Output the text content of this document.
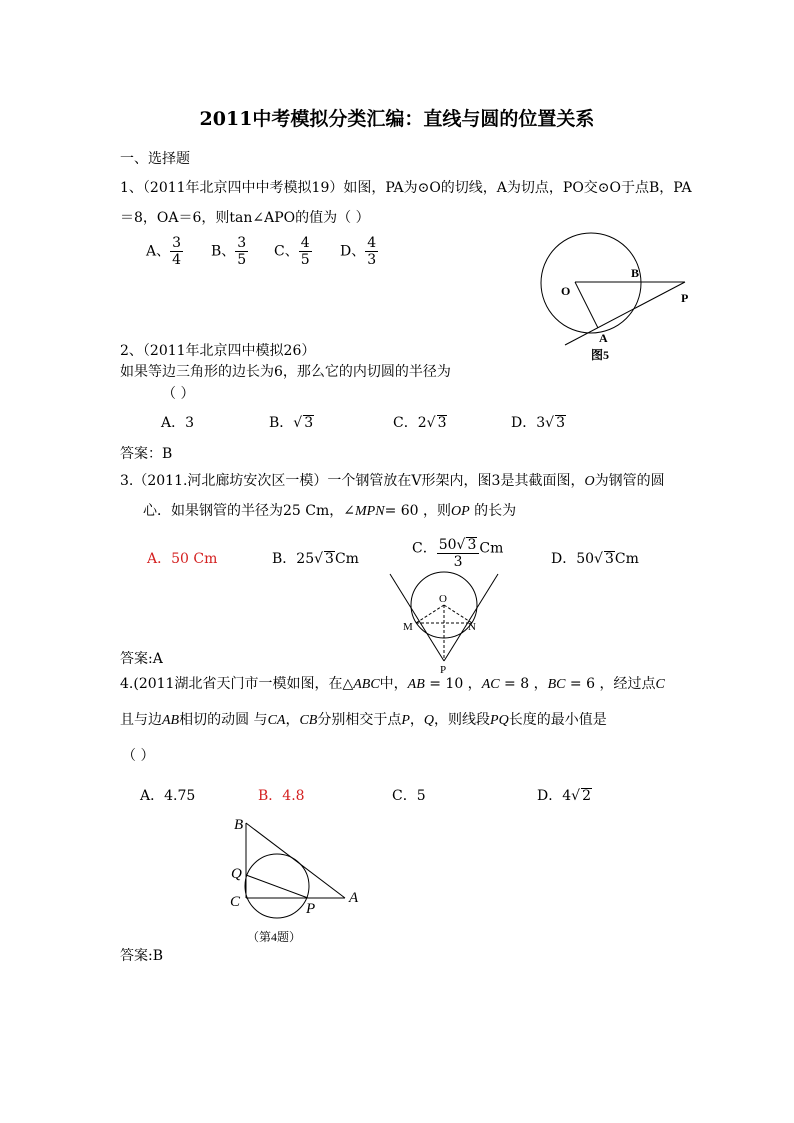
2011中考模拟分类汇编：直线与圆的位置关系
一、选择题
1、（2011年北京四中中考模拟19）如图，PA为⊙O的切线，A为切点，PO交⊙O于点B，PA
＝8，OA＝6，则tan∠APO的值为（ ）
A、 $\frac{3}{4}$ B、 $\frac{3}{5}$ C、 $\frac{4}{5}$ D、 $\frac{4}{3}$
O
B
P
A
图5
2、（2011年北京四中模拟26）
如果等边三角形的边长为6，那么它的内切圆的半径为
（ ）
A．3	B．√ 3	C．2√ 3	D．3√ 3
答案：B
3.（2011.河北廊坊安次区一模）一个钢管放在V形架内，图3是其截面图，O为钢管的圆
心．如果钢管的半径为25 Cm，∠MPN= 60 ，则OP 的长为
A．50 Cm	B．25√ 3Cm
C． $\frac{50√ 3}{3}$ Cm
D．50√ 3Cm
O
M	N
P
答案:A
4.(2011湖北省天门市一模如图，在△ABC中，AB = 10 ，AC = 8 ，BC = 6 ，经过点C
且与边AB相切的动圆 与CA，CB分别相交于点P，Q，则线段PQ长度的最小值是
（ ）
A．4.75	B．4.8	C．5	D．4√ 2
B
Q
C	P
A
（第4题）
答案:B
